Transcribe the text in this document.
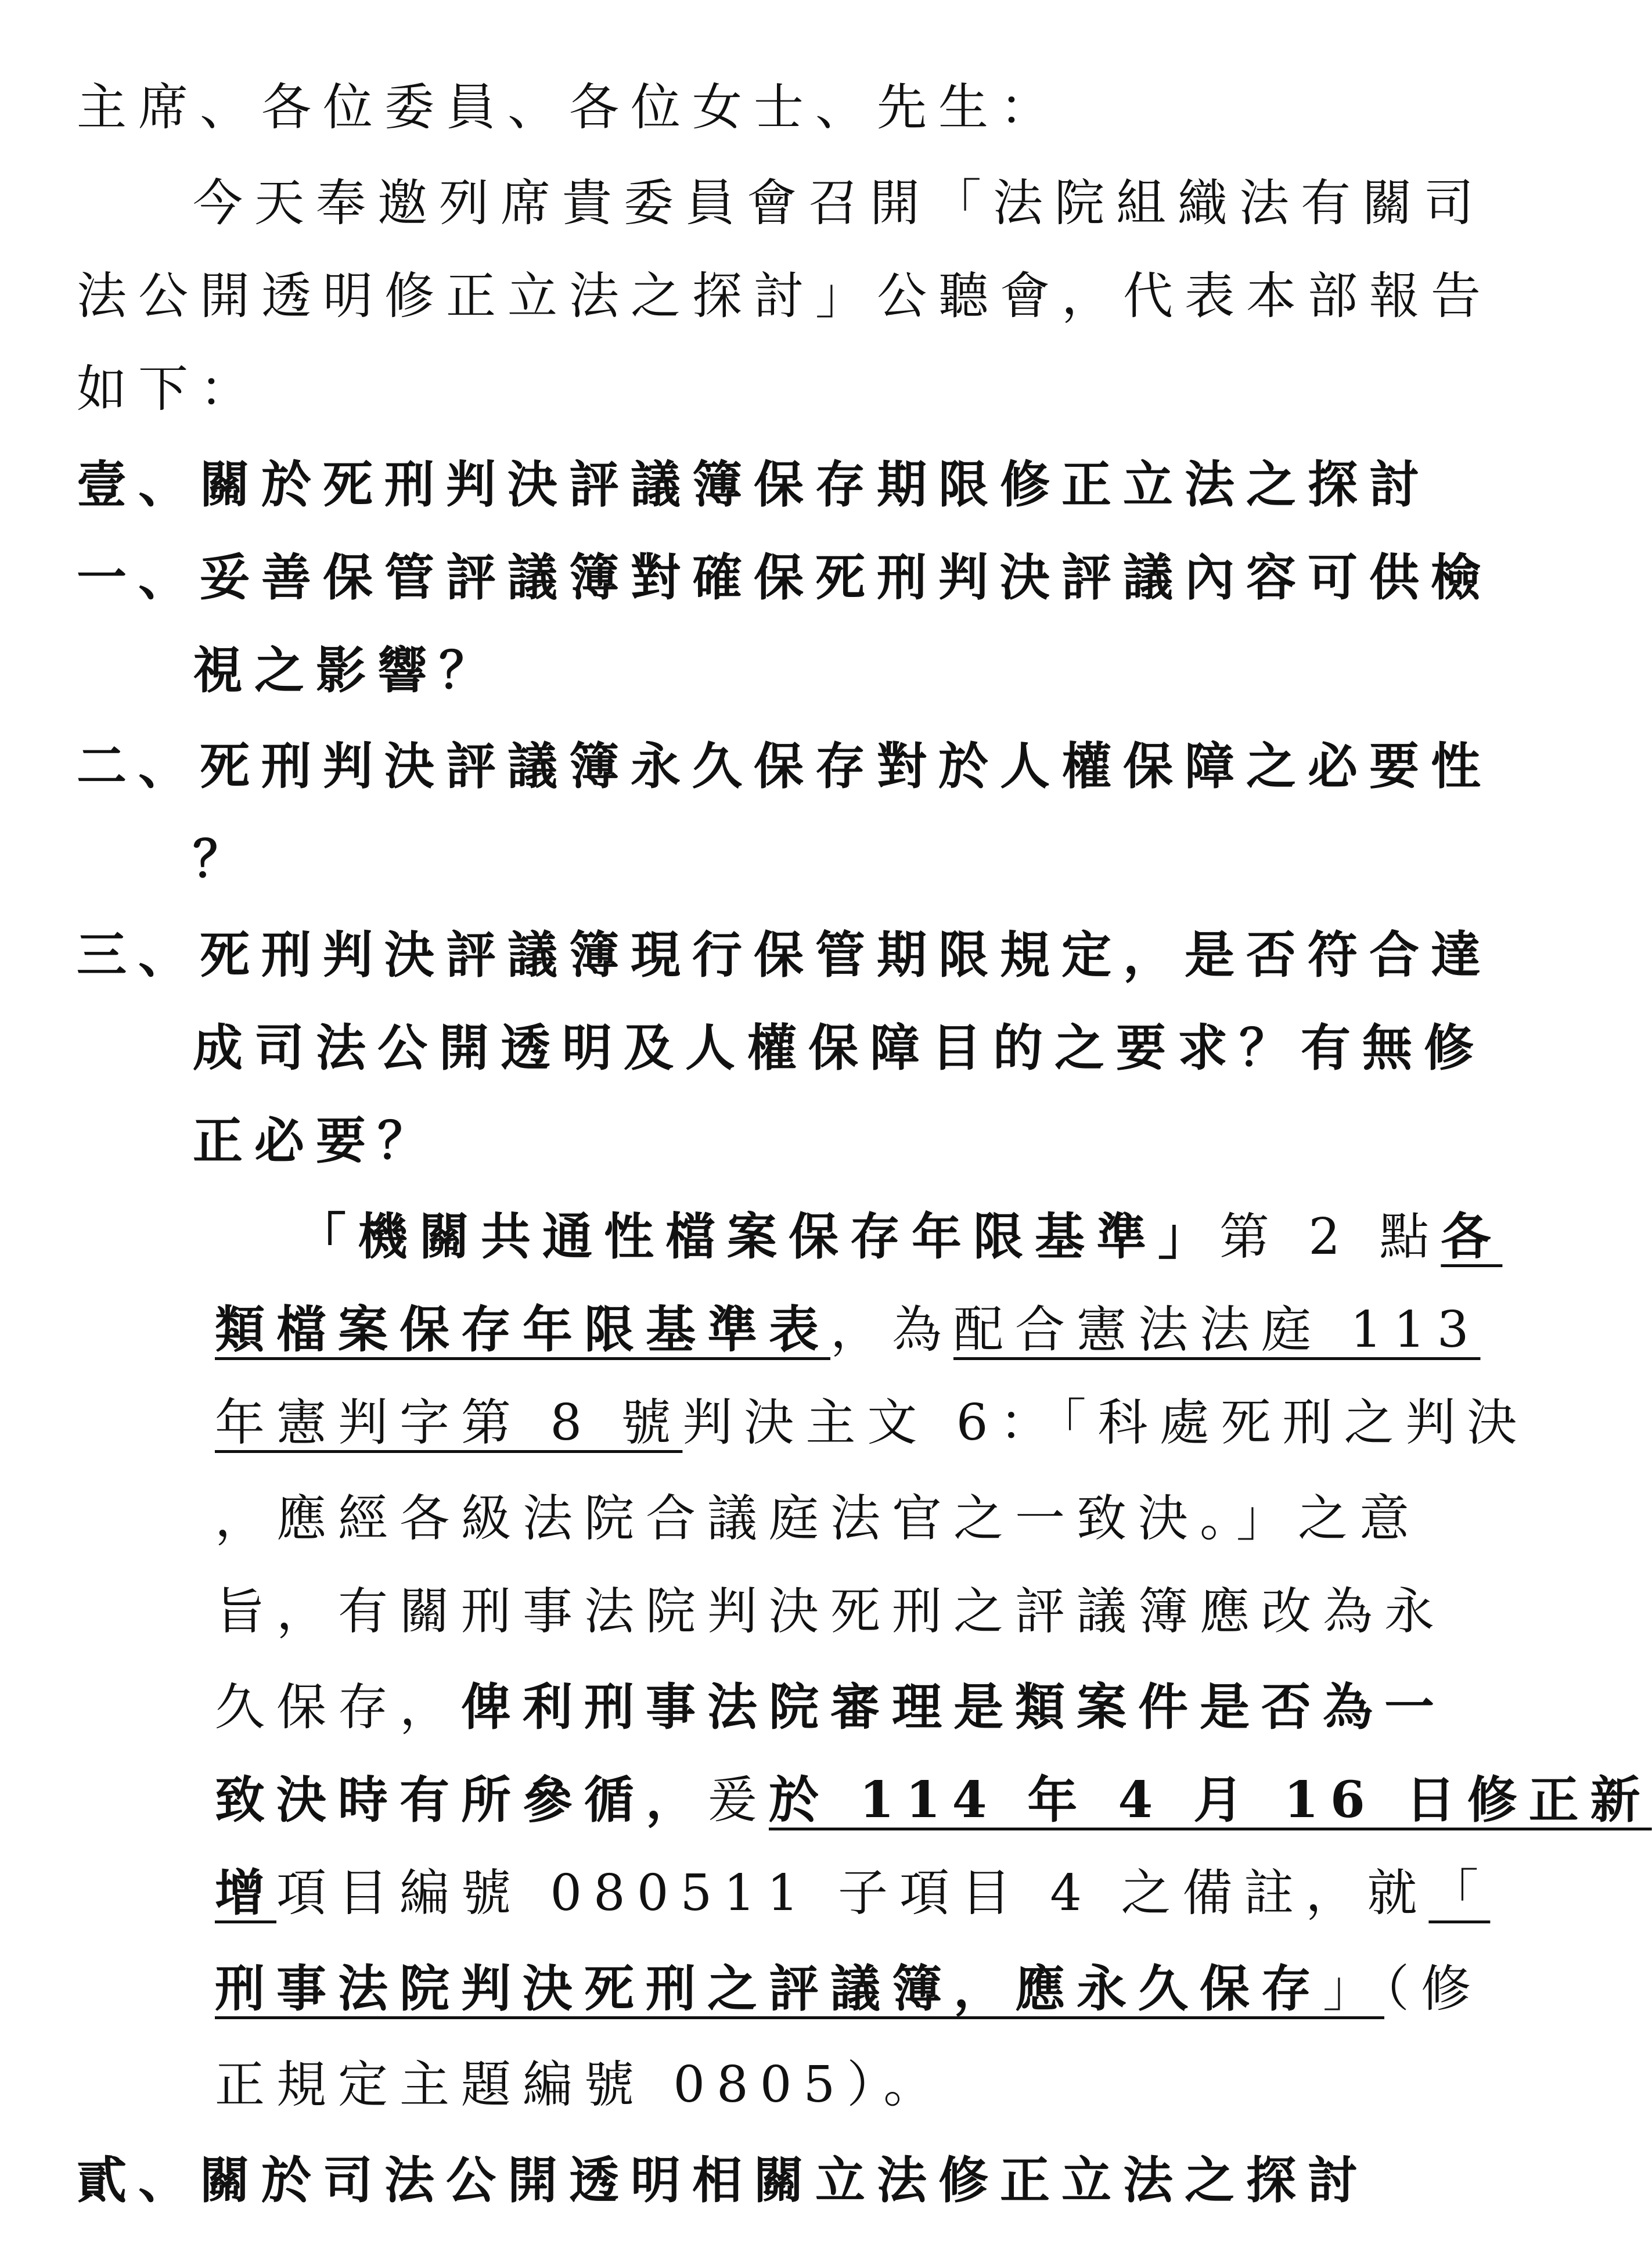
主席、各位委員、各位女士、先生：
今天奉邀列席貴委員會召開「法院組織法有關司
法公開透明修正立法之探討」公聽會，代表本部報告
如下：
壹、關於死刑判決評議簿保存期限修正立法之探討
一、妥善保管評議簿對確保死刑判決評議內容可供檢
視之影響？
二、死刑判決評議簿永久保存對於人權保障之必要性
？
三、死刑判決評議簿現行保管期限規定，是否符合達
成司法公開透明及人權保障目的之要求？有無修
正必要？
「機關共通性檔案保存年限基準」第 2 點各
類檔案保存年限基準表，為配合憲法法庭 113
年憲判字第 8 號判決主文 6：「科處死刑之判決
，應經各級法院合議庭法官之一致決。」之意
旨，有關刑事法院判決死刑之評議簿應改為永
久保存，俾利刑事法院審理是類案件是否為一
致決時有所參循，爰於 114 年 4 月 16 日修正新
增項目編號 080511 子項目 4 之備註，就「
刑事法院判決死刑之評議簿，應永久保存」（修
正規定主題編號 0805）。
貳、關於司法公開透明相關立法修正立法之探討
